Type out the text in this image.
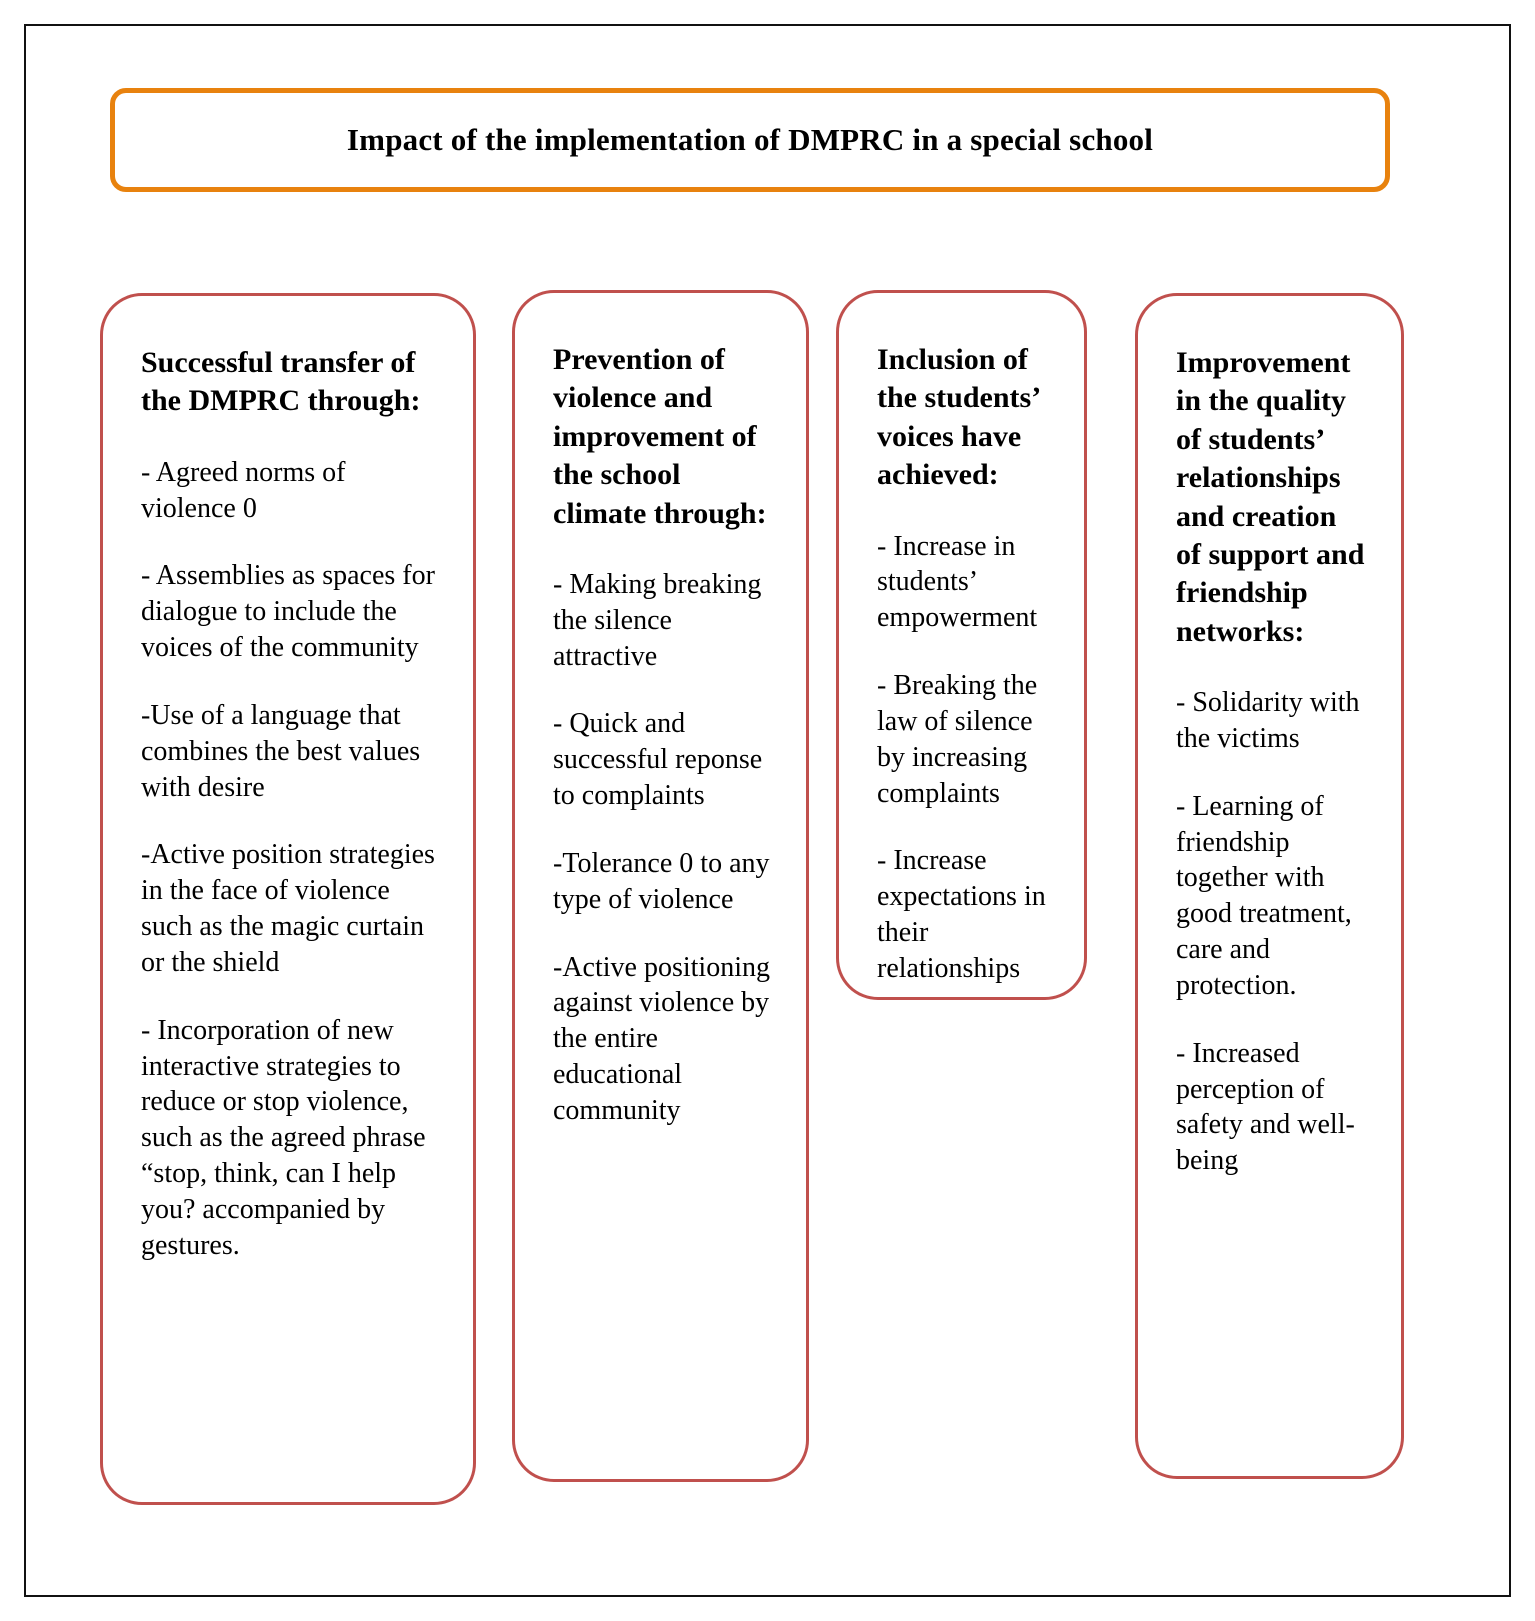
Impact of the implementation of DMPRC in a special school

Successful transfer of the DMPRC through:

- Agreed norms of violence 0

- Assemblies as spaces for dialogue to include the voices of the community

-Use of a language that combines the best values with desire

-Active position strategies in the face of violence such as the magic curtain or the shield

- Incorporation of new interactive strategies to reduce or stop violence, such as the agreed phrase “stop, think, can I help you? accompanied by gestures.

Prevention of violence and improvement of the school climate through:

- Making breaking the silence attractive

- Quick and successful reponse to complaints

-Tolerance 0 to any type of violence

-Active positioning against violence by the entire educational community

Inclusion of the students’ voices have achieved:

- Increase in students’ empowerment

- Breaking the law of silence by increasing complaints

- Increase expectations in their relationships

Improvement in the quality of students’ relationships and creation of support and friendship networks:

- Solidarity with the victims

- Learning of friendship together with good treatment, care and protection.

- Increased perception of safety and well-being
